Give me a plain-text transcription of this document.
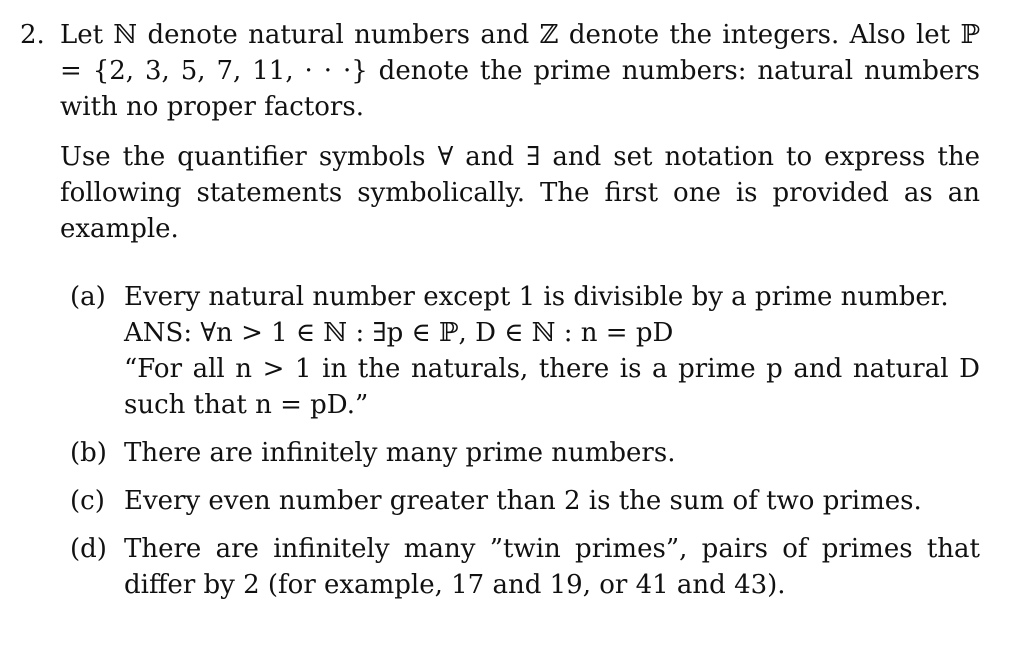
2. Let ℕ denote natural numbers and ℤ denote the integers. Also let ℙ = {2, 3, 5, 7, 11, · · ·} denote the prime numbers: natural numbers with no proper factors.
Use the quantifier symbols ∀ and ∃ and set notation to express the following statements symbolically. The first one is provided as an example.
(a) Every natural number except 1 is divisible by a prime number.
ANS: ∀n > 1 ∈ ℕ : ∃p ∈ ℙ, D ∈ ℕ : n = pD
“For all n > 1 in the naturals, there is a prime p and natural D such that n = pD.”
(b) There are infinitely many prime numbers.
(c) Every even number greater than 2 is the sum of two primes.
(d) There are infinitely many ”twin primes”, pairs of primes that differ by 2 (for example, 17 and 19, or 41 and 43).
